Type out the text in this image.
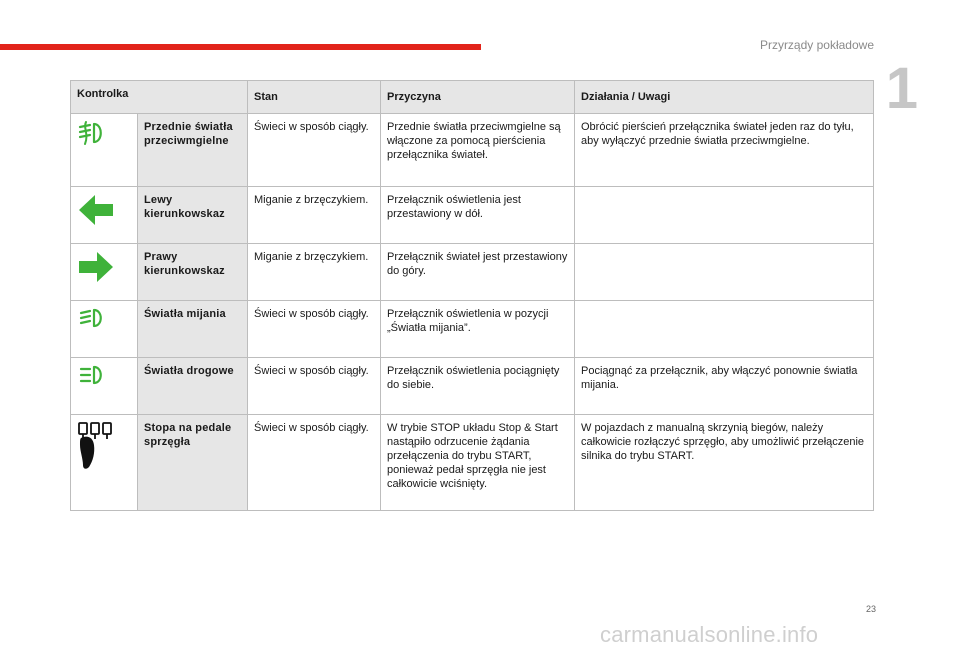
Przyrządy pokładowe
1
Kontrolka		Stan	Przyczyna	Działania / Uwagi
	Przednie światła przeciwmgielne	Świeci w sposób ciągły.	Przednie światła przeciwmgielne są włączone za pomocą pierścienia przełącznika świateł.	Obrócić pierścień przełącznika świateł jeden raz do tyłu, aby wyłączyć przednie światła przeciwmgielne.
	Lewy kierunkowskaz	Miganie z brzęczykiem.	Przełącznik oświetlenia jest przestawiony w dół.	
	Prawy kierunkowskaz	Miganie z brzęczykiem.	Przełącznik świateł jest przestawiony do góry.	
	Światła mijania	Świeci w sposób ciągły.	Przełącznik oświetlenia w pozycji „Światła mijania”.	
	Światła drogowe	Świeci w sposób ciągły.	Przełącznik oświetlenia pociągnięty do siebie.	Pociągnąć za przełącznik, aby włączyć ponownie światła mijania.
	Stopa na pedale sprzęgła	Świeci w sposób ciągły.	W trybie STOP układu Stop & Start nastąpiło odrzucenie żądania przełączenia do trybu START, ponieważ pedał sprzęgła nie jest całkowicie wciśnięty.	W pojazdach z manualną skrzynią biegów, należy całkowicie rozłączyć sprzęgło, aby umożliwić przełączenie silnika do trybu START.
23
carmanualsonline.info
